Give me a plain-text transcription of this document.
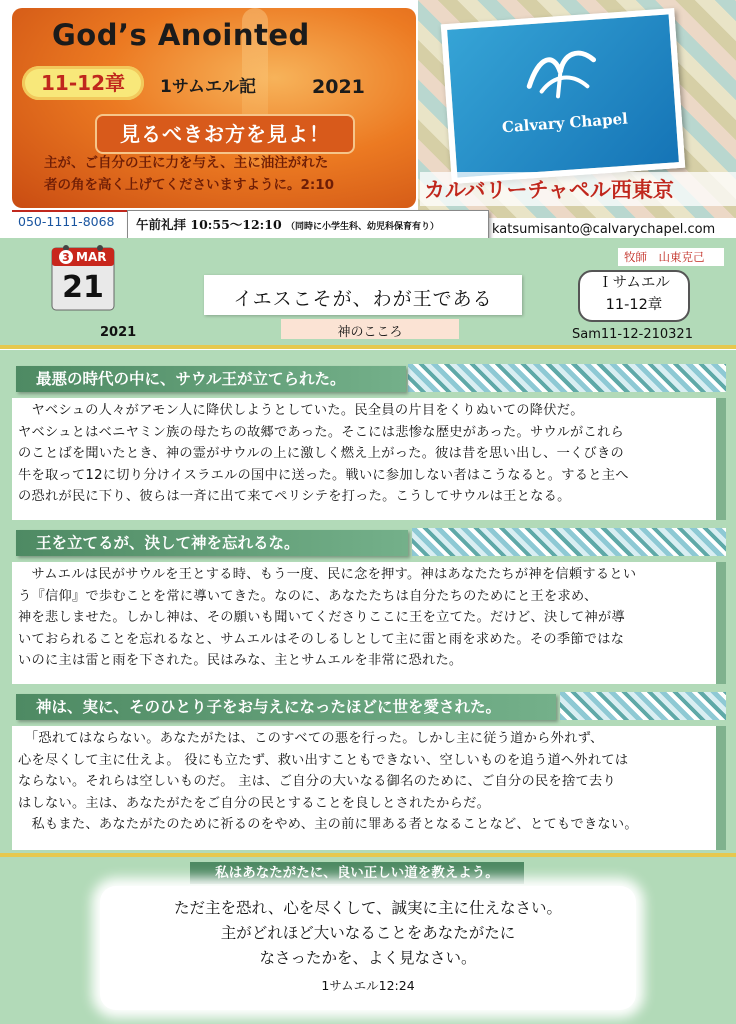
God’s Anointed
11-12章	1サムエル記	2021
見るべきお方を見よ！
主が、ご自分の王に力を与え、主に油注がれた
者の角を高く上げてくださいますように。2:10
Calvary Chapel
カルバリーチャペル西東京
050-1111-8068 午前礼拝 10:55～12:10 （同時に小学生科、幼児科保育有り）	katsumisanto@calvarychapel.com
3 MAR
21
2021
牧師　山東克己
イエスこそが、わが王である
神のこころ
Ｉサムエル
11-12章
Sam11-12-210321
最悪の時代の中に、サウル王が立てられた。

　ヤベシュの人々がアモン人に降伏しようとしていた。民全員の片目をくりぬいての降伏だ。

ヤベシュとはベニヤミン族の母たちの故郷であった。そこには悲惨な歴史があった。サウルがこれら

のことばを聞いたとき、神の霊がサウルの上に激しく燃え上がった。彼は昔を思い出し、一くびきの

牛を取って12に切り分けイスラエルの国中に送った。戦いに参加しない者はこうなると。すると主へ

の恐れが民に下り、彼らは一斉に出て来てペリシテを打った。こうしてサウルは王となる。

王を立てるが、決して神を忘れるな。

　サムエルは民がサウルを王とする時、もう一度、民に念を押す。神はあなたたちが神を信頼するとい

う『信仰』で歩むことを常に導いてきた。なのに、あなたたちは自分たちのためにと王を求め、

神を悲しませた。しかし神は、その願いも聞いてくださりここに王を立てた。だけど、決して神が導

いておられることを忘れるなと、サムエルはそのしるしとして主に雷と雨を求めた。その季節ではな

いのに主は雷と雨を下された。民はみな、主とサムエルを非常に恐れた。

神は、実に、そのひとり子をお与えになったほどに世を愛された。

　「恐れてはならない。あなたがたは、このすべての悪を行った。しかし主に従う道から外れず、

心を尽くして主に仕えよ。 役にも立たず、救い出すこともできない、空しいものを追う道へ外れては

ならない。それらは空しいものだ。 主は、ご自分の大いなる御名のために、ご自分の民を捨て去り

はしない。主は、あなたがたをご自分の民とすることを良しとされたからだ。

　私もまた、あなたがたのために祈るのをやめ、主の前に罪ある者となることなど、とてもできない。

私はあなたがたに、良い正しい道を教えよう。
ただ主を恐れ、心を尽くして、誠実に主に仕えなさい。
主がどれほど大いなることをあなたがたに
なさったかを、よく見なさい。
1サムエル12:24
